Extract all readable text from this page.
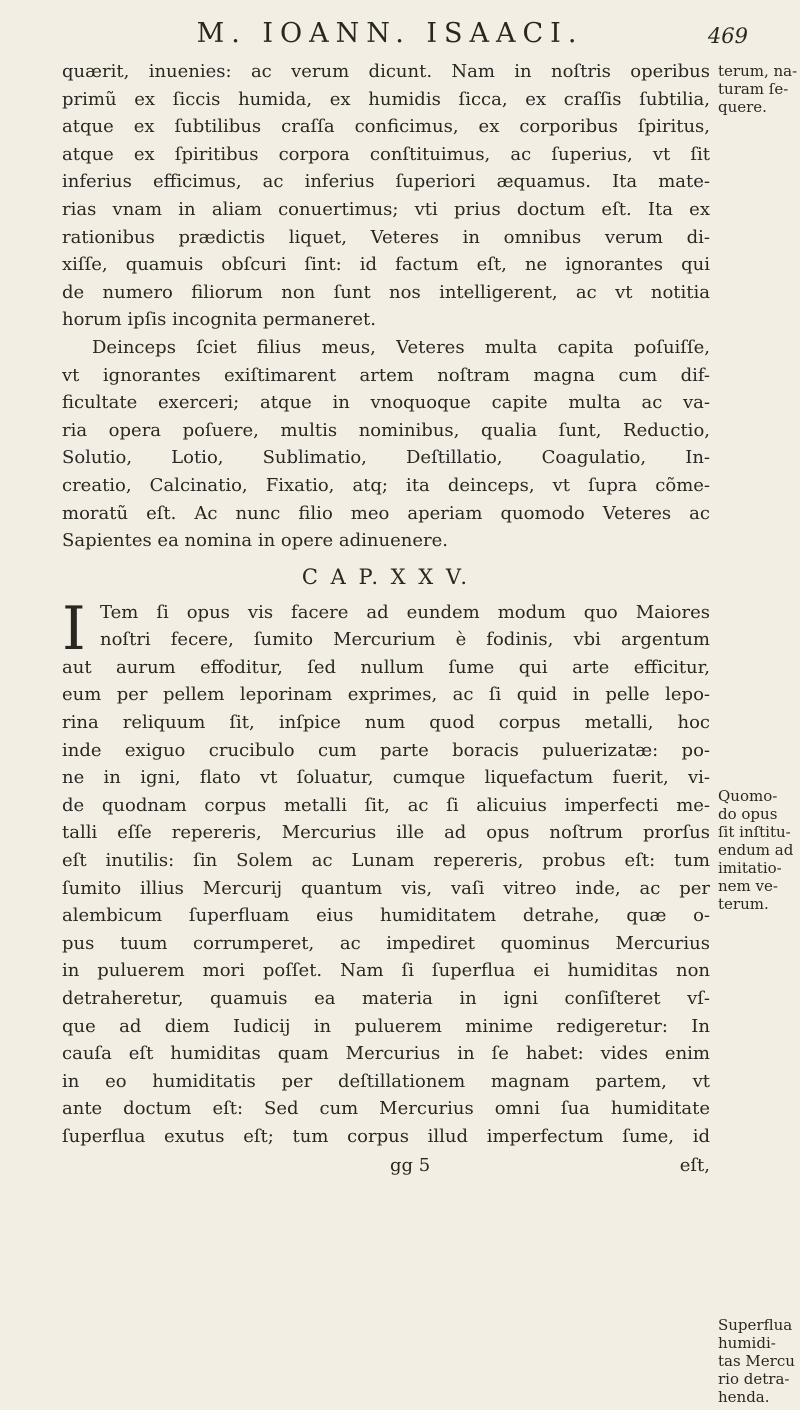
M. IOANN. ISAACI.	469
quærit, inuenies: ac verum dicunt. Nam in noſtris operibus
primũ ex ſiccis humida, ex humidis ſicca, ex craſſis ſubtilia,
atque ex ſubtilibus craſſa conficimus, ex corporibus ſpiritus,
atque ex ſpiritibus corpora conſtituimus, ac ſuperius, vt ſit
inferius efficimus, ac inferius ſuperiori æquamus. Ita mate-
rias vnam in aliam conuertimus; vti prius doctum eſt. Ita ex
rationibus prædictis liquet, Veteres in omnibus verum di-
xiſſe, quamuis obſcuri ſint: id factum eſt, ne ignorantes qui
de numero filiorum non ſunt nos intelligerent, ac vt notitia
horum ipſis incognita permaneret.
Deinceps ſciet filius meus, Veteres multa capita poſuiſſe,
vt ignorantes exiſtimarent artem noſtram magna cum dif-
ficultate exerceri; atque in vnoquoque capite multa ac va-
ria opera poſuere, multis nominibus, qualia ſunt, Reductio,
Solutio, Lotio, Sublimatio, Deſtillatio, Coagulatio, In-
creatio, Calcinatio, Fixatio, atq; ita deinceps, vt ſupra cõme-
moratũ eſt. Ac nunc filio meo aperiam quomodo Veteres ac
Sapientes ea nomina in opere adinuenere.
C A P. X X V.
I Tem ſi opus vis facere ad eundem modum quo Maiores
noſtri fecere, ſumito Mercurium è fodinis, vbi argentum
aut aurum effoditur, ſed nullum ſume qui arte efficitur,
eum per pellem leporinam exprimes, ac ſi quid in pelle lepo-
rina reliquum ſit, inſpice num quod corpus metalli, hoc
inde exiguo crucibulo cum parte boracis puluerizatæ: po-
ne in igni, flato vt ſoluatur, cumque liquefactum fuerit, vi-
de quodnam corpus metalli ſit, ac ſi alicuius imperfecti me-
talli eſſe repereris, Mercurius ille ad opus noſtrum prorſus
eſt inutilis: ſin Solem ac Lunam repereris, probus eſt: tum
ſumito illius Mercurij quantum vis, vaſi vitreo inde, ac per
alembicum ſuperfluam eius humiditatem detrahe, quæ o-
pus tuum corrumperet, ac impediret quominus Mercurius
in puluerem mori poſſet. Nam ſi ſuperflua ei humiditas non
detraheretur, quamuis ea materia in igni conſiſteret vſ-
que ad diem Iudicij in puluerem minime redigeretur: In
cauſa eſt humiditas quam Mercurius in ſe habet: vides enim
in eo humiditatis per deſtillationem magnam partem, vt
ante doctum eſt: Sed cum Mercurius omni ſua humiditate
ſuperflua exutus eſt; tum corpus illud imperfectum ſume, id
gg 5	eſt,
terum, na-
turam ſe-
quere.
Quomo-
do opus
ſit inſtitu-
endum ad
imitatio-
nem ve-
terum.
Superflua
humidi-
tas Mercu
rio detra-
henda.
